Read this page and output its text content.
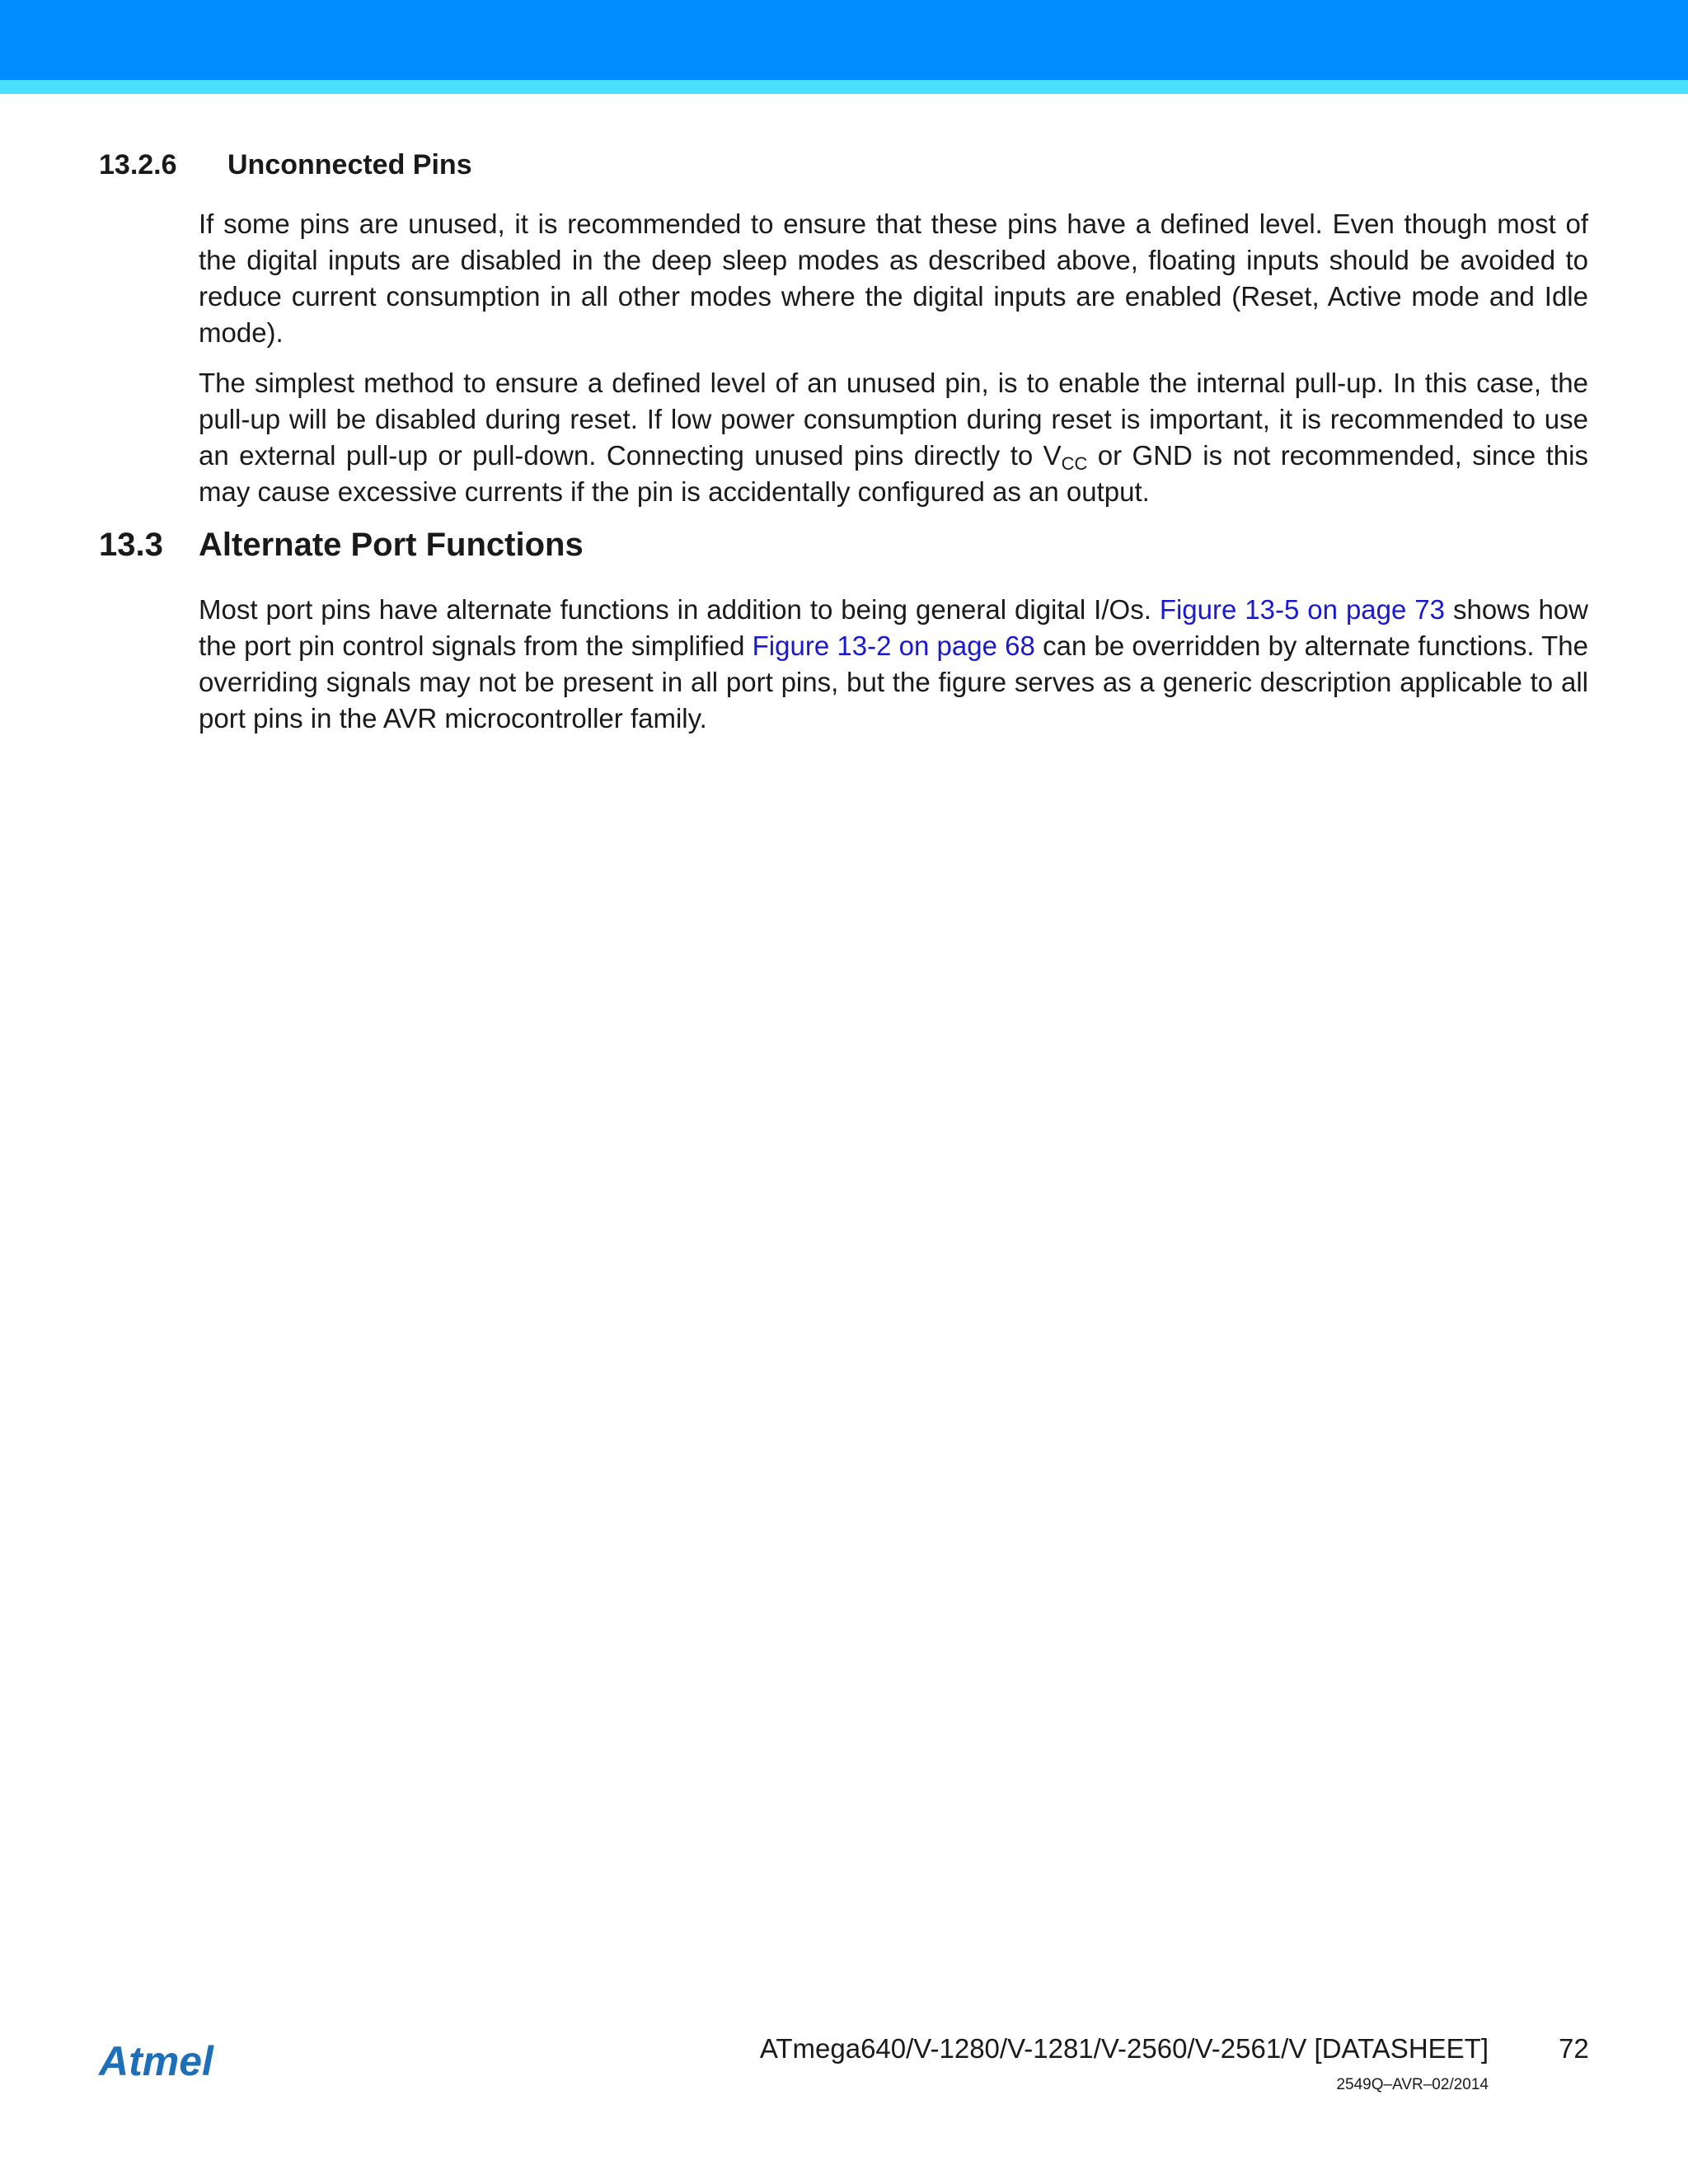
13.2.6 Unconnected Pins

If some pins are unused, it is recommended to ensure that these pins have a defined level. Even though most of the digital inputs are disabled in the deep sleep modes as described above, floating inputs should be avoided to reduce current consumption in all other modes where the digital inputs are enabled (Reset, Active mode and Idle mode).

The simplest method to ensure a defined level of an unused pin, is to enable the internal pull-up. In this case, the pull-up will be disabled during reset. If low power consumption during reset is important, it is recommended to use an external pull-up or pull-down. Connecting unused pins directly to $V_{CC}$ or GND is not recommended, since this may cause excessive currents if the pin is accidentally configured as an output.

13.3 Alternate Port Functions

Most port pins have alternate functions in addition to being general digital I/Os. Figure 13-5 on page 73 shows how the port pin control signals from the simplified Figure 13-2 on page 68 can be overridden by alternate functions. The overriding signals may not be present in all port pins, but the figure serves as a generic description applicable to all port pins in the AVR microcontroller family.

Atmel	ATmega640/V-1280/V-1281/V-2560/V-2561/V [DATASHEET]	72
2549Q–AVR–02/2014
